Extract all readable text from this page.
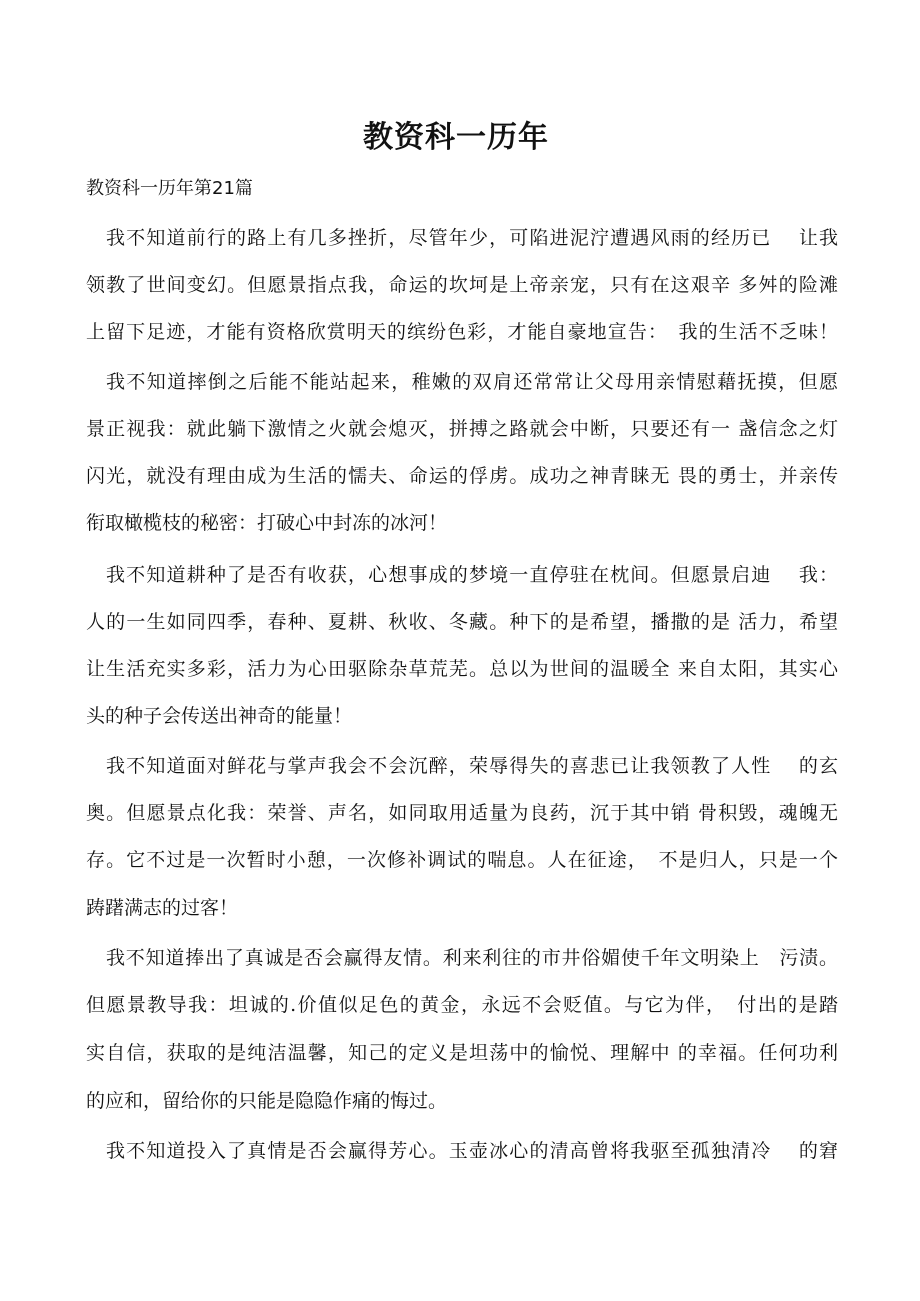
教资科一历年
教资科一历年第21篇
我不知道前行的路上有几多挫折，尽管年少，可陷进泥泞遭遇风雨的经历已　 让我
领教了世间变幻。但愿景指点我，命运的坎坷是上帝亲宠，只有在这艰辛 多舛的险滩
上留下足迹，才能有资格欣赏明天的缤纷色彩，才能自豪地宣告：　我的生活不乏味！
我不知道摔倒之后能不能站起来，稚嫩的双肩还常常让父母用亲情慰藉抚摸，但愿
景正视我：就此躺下激情之火就会熄灭，拼搏之路就会中断，只要还有一 盏信念之灯
闪光，就没有理由成为生活的懦夫、命运的俘虏。成功之神青睐无 畏的勇士，并亲传
衔取橄榄枝的秘密：打破心中封冻的冰河！
我不知道耕种了是否有收获，心想事成的梦境一直停驻在枕间。但愿景启迪　 我：
人的一生如同四季，春种、夏耕、秋收、冬藏。种下的是希望，播撒的是 活力，希望
让生活充实多彩，活力为心田驱除杂草荒芜。总以为世间的温暖全 来自太阳，其实心
头的种子会传送出神奇的能量！
我不知道面对鲜花与掌声我会不会沉醉，荣辱得失的喜悲已让我领教了人性　 的玄
奥。但愿景点化我：荣誉、声名，如同取用适量为良药，沉于其中销 骨积毁，魂魄无
存。它不过是一次暂时小憩，一次修补调试的喘息。人在征途，　不是归人，只是一个
踌躇满志的过客！
我不知道捧出了真诚是否会赢得友情。利来利往的市井俗媚使千年文明染上　污渍。
但愿景教导我：坦诚的.价值似足色的黄金，永远不会贬值。与它为伴，　付出的是踏
实自信，获取的是纯洁温馨，知己的定义是坦荡中的愉悦、理解中 的幸福。任何功利
的应和，留给你的只能是隐隐作痛的悔过。
我不知道投入了真情是否会赢得芳心。玉壶冰心的清高曾将我驱至孤独清冷　 的窘
